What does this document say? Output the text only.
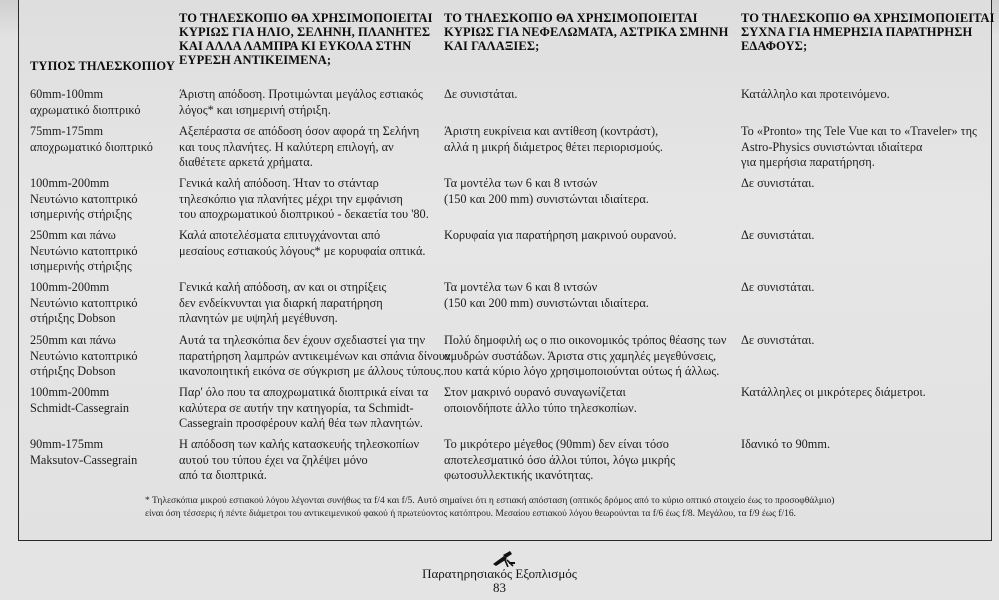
ΤΥΠΟΣ ΤΗΛΕΣΚΟΠΙΟΥ
ΤΟ ΤΗΛΕΣΚΟΠΙΟ ΘΑ ΧΡΗΣΙΜΟΠΟΙΕΙΤΑΙ
ΚΥΡΙΩΣ ΓΙΑ ΗΛΙΟ, ΣΕΛΗΝΗ, ΠΛΑΝΗΤΕΣ
ΚΑΙ ΑΛΛΑ ΛΑΜΠΡΑ ΚΙ ΕΥΚΟΛΑ ΣΤΗΝ
ΕΥΡΕΣΗ ΑΝΤΙΚΕΙΜΕΝΑ;
ΤΟ ΤΗΛΕΣΚΟΠΙΟ ΘΑ ΧΡΗΣΙΜΟΠΟΙΕΙΤΑΙ
ΚΥΡΙΩΣ ΓΙΑ ΝΕΦΕΛΩΜΑΤΑ, ΑΣΤΡΙΚΑ ΣΜΗΝΗ
ΚΑΙ ΓΑΛΑΞΙΕΣ;
ΤΟ ΤΗΛΕΣΚΟΠΙΟ ΘΑ ΧΡΗΣΙΜΟΠΟΙΕΙΤΑΙ
ΣΥΧΝΑ ΓΙΑ ΗΜΕΡΗΣΙΑ ΠΑΡΑΤΗΡΗΣΗ
ΕΔΑΦΟΥΣ;
60mm-100mm
αχρωματικό διοπτρικό
Άριστη απόδοση. Προτιμώνται μεγάλος εστιακός
λόγος* και ισημερινή στήριξη.
Δε συνιστάται.	Κατάλληλο και προτεινόμενο.
75mm-175mm
αποχρωματικό διοπτρικό
Αξεπέραστα σε απόδοση όσον αφορά τη Σελήνη
και τους πλανήτες. Η καλύτερη επιλογή, αν
διαθέτετε αρκετά χρήματα.
Άριστη ευκρίνεια και αντίθεση (κοντράστ),
αλλά η μικρή διάμετρος θέτει περιορισμούς.
Το «Pronto» της Tele Vue και το «Traveler» της
Astro-Physics συνιστώνται ιδιαίτερα
για ημερήσια παρατήρηση.
100mm-200mm
Νευτώνιο κατοπτρικό
ισημερινής στήριξης
Γενικά καλή απόδοση. Ήταν το στάνταρ
τηλεσκόπιο για πλανήτες μέχρι την εμφάνιση
του αποχρωματικού διοπτρικού - δεκαετία του '80.
Τα μοντέλα των 6 και 8 ιντσών
(150 και 200 mm) συνιστώνται ιδιαίτερα.
Δε συνιστάται.
250mm και πάνω
Νευτώνιο κατοπτρικό
ισημερινής στήριξης
Καλά αποτελέσματα επιτυγχάνονται από
μεσαίους εστιακούς λόγους* με κορυφαία οπτικά.
Κορυφαία για παρατήρηση μακρινού ουρανού.	Δε συνιστάται.
100mm-200mm
Νευτώνιο κατοπτρικό
στήριξης Dobson
Γενικά καλή απόδοση, αν και οι στηρίξεις
δεν ενδείκνυνται για διαρκή παρατήρηση
πλανητών με υψηλή μεγέθυνση.
Τα μοντέλα των 6 και 8 ιντσών
(150 και 200 mm) συνιστώνται ιδιαίτερα.
Δε συνιστάται.
250mm και πάνω
Νευτώνιο κατοπτρικό
στήριξης Dobson
Αυτά τα τηλεσκόπια δεν έχουν σχεδιαστεί για την
παρατήρηση λαμπρών αντικειμένων και σπάνια δίνουν
ικανοποιητική εικόνα σε σύγκριση με άλλους τύπους.
Πολύ δημοφιλή ως ο πιο οικονομικός τρόπος θέασης των
αμυδρών συστάδων. Άριστα στις χαμηλές μεγεθύνσεις,
που κατά κύριο λόγο χρησιμοποιούνται ούτως ή άλλως.
Δε συνιστάται.
100mm-200mm
Schmidt-Cassegrain
Παρ' όλο που τα αποχρωματικά διοπτρικά είναι τα
καλύτερα σε αυτήν την κατηγορία, τα Schmidt-
Cassegrain προσφέρουν καλή θέα των πλανητών.
Στον μακρινό ουρανό συναγωνίζεται
οποιονδήποτε άλλο τύπο τηλεσκοπίων.
Κατάλληλες οι μικρότερες διάμετροι.
90mm-175mm
Maksutov-Cassegrain
Η απόδοση των καλής κατασκευής τηλεσκοπίων
αυτού του τύπου έχει να ζηλέψει μόνο
από τα διοπτρικά.
Το μικρότερο μέγεθος (90mm) δεν είναι τόσο
αποτελεσματικό όσο άλλοι τύποι, λόγω μικρής
φωτοσυλλεκτικής ικανότητας.
Ιδανικό το 90mm.
* Τηλεσκόπια μικρού εστιακού λόγου λέγονται συνήθως τα f/4 και f/5. Αυτό σημαίνει ότι η εστιακή απόσταση (οπτικός δρόμος από το κύριο οπτικό στοιχείο έως το προσοφθάλμιο)
είναι όση τέσσερις ή πέντε διάμετροι του αντικειμενικού φακού ή πρωτεύοντος κατόπτρου. Μεσαίου εστιακού λόγου θεωρούνται τα f/6 έως f/8. Μεγάλου, τα f/9 έως f/16.
Παρατηρησιακός Εξοπλισμός
83
